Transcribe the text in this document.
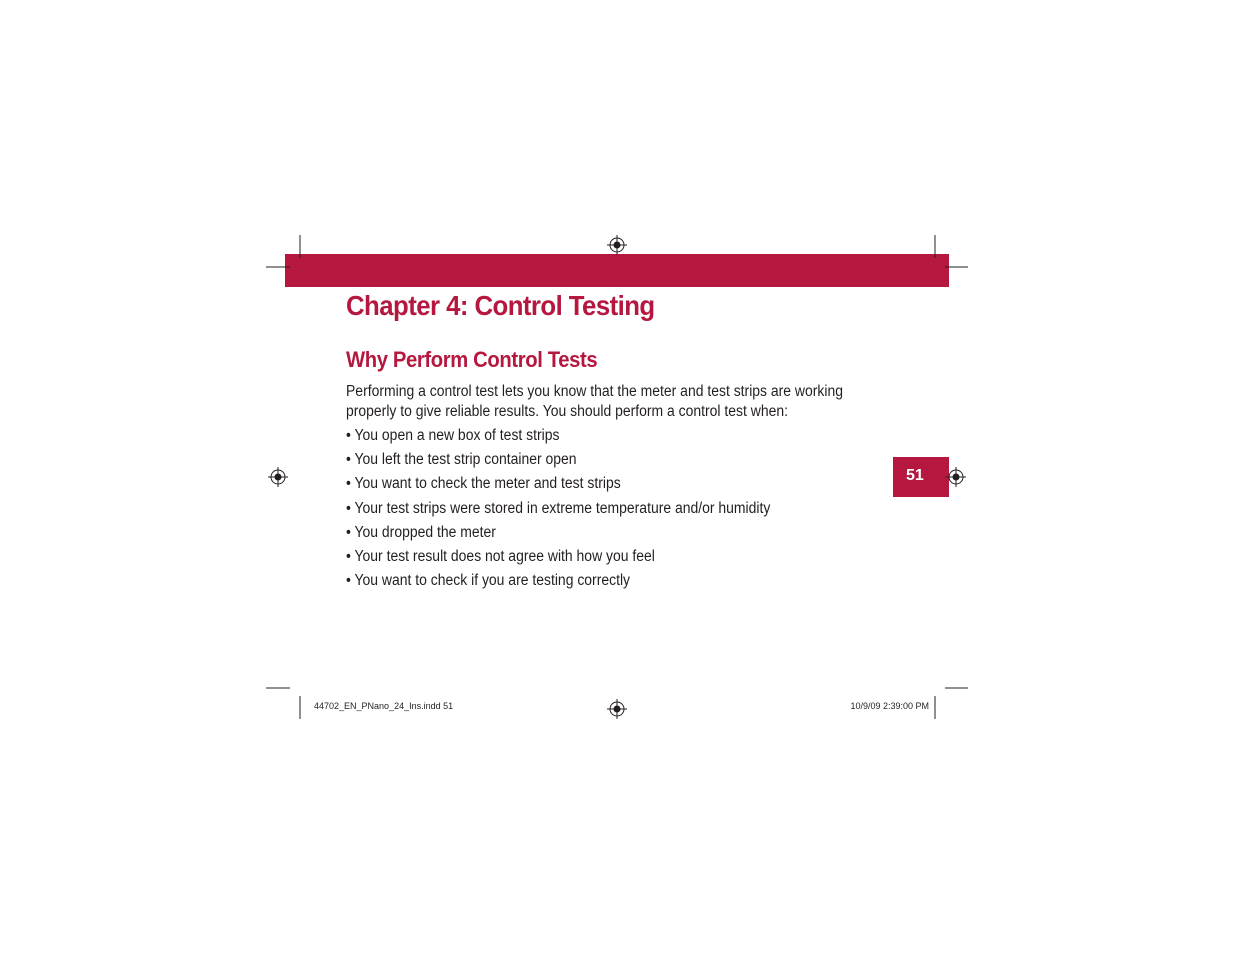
Chapter 4: Control Testing
Why Perform Control Tests

Performing a control test lets you know that the meter and test strips are working properly to give reliable results. You should perform a control test when:

• You open a new box of test strips
• You left the test strip container open
• You want to check the meter and test strips
• Your test strips were stored in extreme temperature and/or humidity
• You dropped the meter
• Your test result does not agree with how you feel
• You want to check if you are testing correctly
51
44702_EN_PNano_24_Ins.indd 51	10/9/09 2:39:00 PM
